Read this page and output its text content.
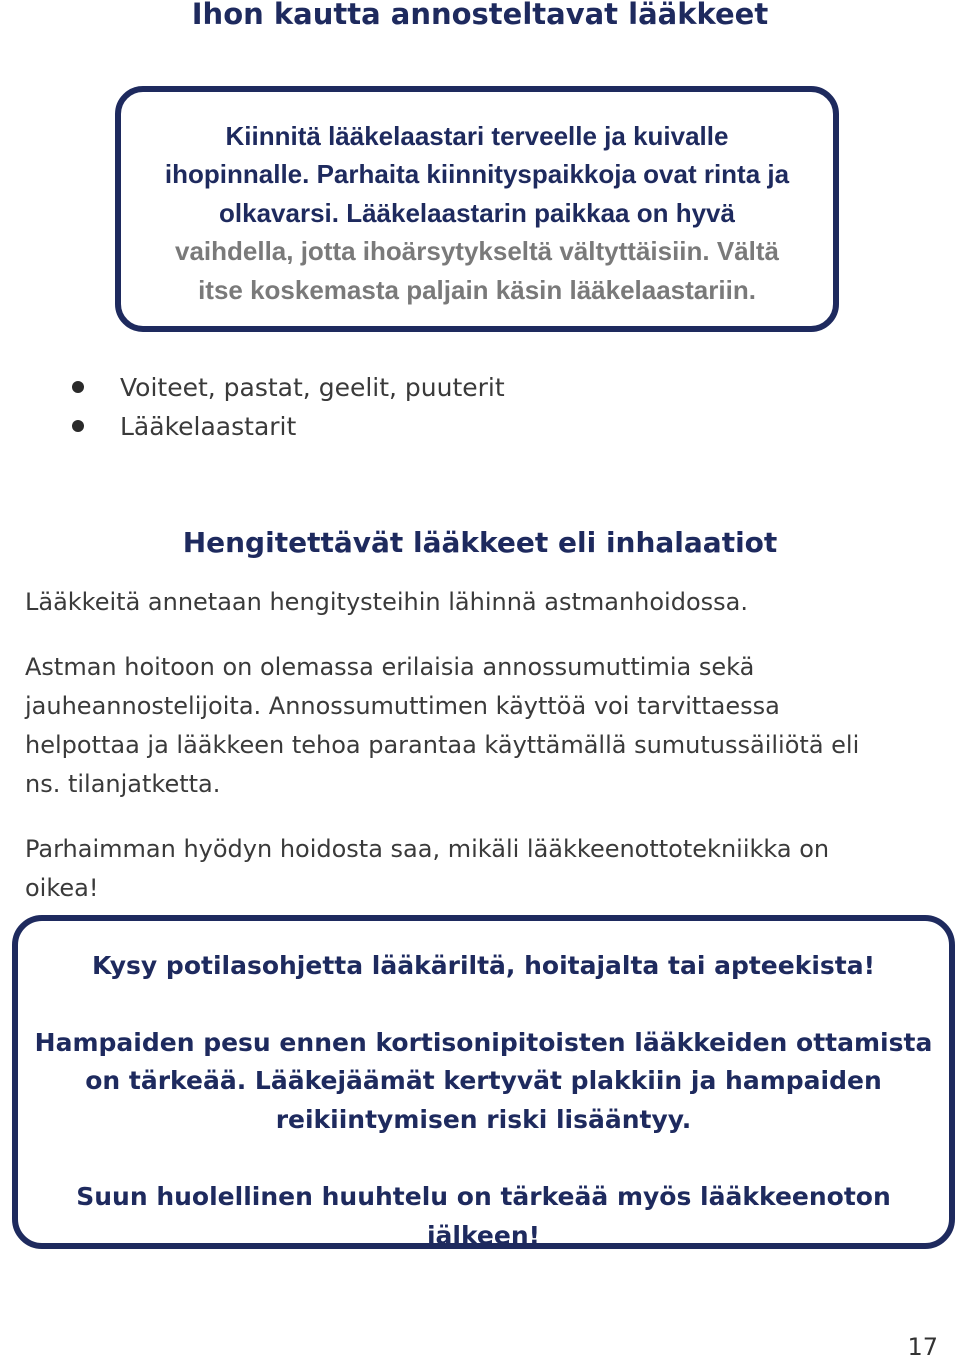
Ihon kautta annosteltavat lääkkeet

Kiinnitä lääkelaastari terveelle ja kuivalle

ihopinnalle. Parhaita kiinnityspaikkoja ovat rinta ja

olkavarsi. Lääkelaastarin paikkaa on hyvä

vaihdella, jotta ihoärsytykseltä vältyttäisiin. Vältä

itse koskemasta paljain käsin lääkelaastariin.

Voiteet, pastat, geelit, puuterit
Lääkelaastarit
Hengitettävät lääkkeet eli inhalaatiot

Lääkkeitä annetaan hengitysteihin lähinnä astmanhoidossa.

Astman hoitoon on olemassa erilaisia annossumuttimia sekä

jauheannostelijoita. Annossumuttimen käyttöä voi tarvittaessa

helpottaa ja lääkkeen tehoa parantaa käyttämällä sumutussäiliötä eli

ns. tilanjatketta.

Parhaimman hyödyn hoidosta saa, mikäli lääkkeenottotekniikka on

oikea!

Kysy potilasohjetta lääkäriltä, hoitajalta tai apteekista!

Hampaiden pesu ennen kortisonipitoisten lääkkeiden ottamista

on tärkeää. Lääkejäämät kertyvät plakkiin ja hampaiden

reikiintymisen riski lisääntyy.

Suun huolellinen huuhtelu on tärkeää myös lääkkeenoton jälkeen!

17
